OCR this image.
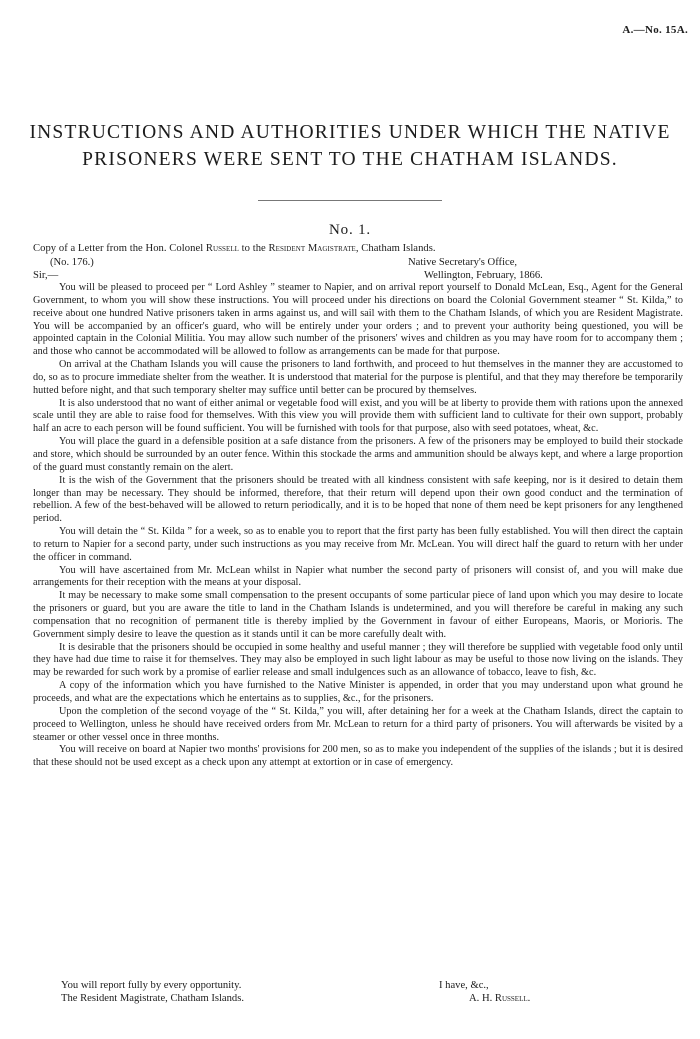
A.—No. 15A.
INSTRUCTIONS AND AUTHORITIES UNDER WHICH THE NATIVE
PRISONERS WERE SENT TO THE CHATHAM ISLANDS.
No. 1.
Copy of a Letter from the Hon. Colonel Russell to the Resident Magistrate, Chatham Islands.
(No. 176.)	Native Secretary's Office,
Sir,—	Wellington, February, 1866.

You will be pleased to proceed per “ Lord Ashley ” steamer to Napier, and on arrival report yourself to Donald McLean, Esq., Agent for the General Government, to whom you will show these instructions. You will proceed under his directions on board the Colonial Government steamer “ St. Kilda,” to receive about one hundred Native prisoners taken in arms against us, and will sail with them to the Chatham Islands, of which you are Resident Magistrate. You will be accompanied by an officer's guard, who will be entirely under your orders ; and to prevent your authority being questioned, you will be appointed captain in the Colonial Militia. You may allow such number of the prisoners' wives and children as you may have room for to accompany them ; and those who cannot be accommodated will be allowed to follow as arrangements can be made for that purpose.

On arrival at the Chatham Islands you will cause the prisoners to land forthwith, and proceed to hut themselves in the manner they are accustomed to do, so as to procure immediate shelter from the weather. It is understood that material for the purpose is plentiful, and that they may therefore be temporarily hutted before night, and that such temporary shelter may suffice until better can be procured by themselves.

It is also understood that no want of either animal or vegetable food will exist, and you will be at liberty to provide them with rations upon the annexed scale until they are able to raise food for themselves. With this view you will provide them with sufficient land to cultivate for their own support, probably half an acre to each person will be found sufficient. You will be furnished with tools for that purpose, also with seed potatoes, wheat, &c.

You will place the guard in a defensible position at a safe distance from the prisoners. A few of the prisoners may be employed to build their stockade and store, which should be surrounded by an outer fence. Within this stockade the arms and ammunition should be always kept, and where a large proportion of the guard must constantly remain on the alert.

It is the wish of the Government that the prisoners should be treated with all kindness consistent with safe keeping, nor is it desired to detain them longer than may be necessary. They should be informed, therefore, that their return will depend upon their own good conduct and the termination of rebellion. A few of the best-behaved will be allowed to return periodically, and it is to be hoped that none of them need be kept prisoners for any lengthened period.

You will detain the “ St. Kilda ” for a week, so as to enable you to report that the first party has been fully established. You will then direct the captain to return to Napier for a second party, under such instructions as you may receive from Mr. McLean. You will direct half the guard to return with her under the officer in command.

You will have ascertained from Mr. McLean whilst in Napier what number the second party of prisoners will consist of, and you will make due arrangements for their reception with the means at your disposal.

It may be necessary to make some small compensation to the present occupants of some particular piece of land upon which you may desire to locate the prisoners or guard, but you are aware the title to land in the Chatham Islands is undetermined, and you will therefore be careful in making any such compensation that no recognition of permanent title is thereby implied by the Government in favour of either Europeans, Maoris, or Morioris. The Government simply desire to leave the question as it stands until it can be more carefully dealt with.

It is desirable that the prisoners should be occupied in some healthy and useful manner ; they will therefore be supplied with vegetable food only until they have had due time to raise it for themselves. They may also be employed in such light labour as may be useful to those now living on the islands. They may be rewarded for such work by a promise of earlier release and small indulgences such as an allowance of tobacco, leave to fish, &c.

A copy of the information which you have furnished to the Native Minister is appended, in order that you may understand upon what ground he proceeds, and what are the expectations which he entertains as to supplies, &c., for the prisoners.

Upon the completion of the second voyage of the “ St. Kilda,” you will, after detaining her for a week at the Chatham Islands, direct the captain to proceed to Wellington, unless he should have received orders from Mr. McLean to return for a third party of prisoners. You will afterwards be visited by a steamer or other vessel once in three months.

You will receive on board at Napier two months' provisions for 200 men, so as to make you independent of the supplies of the islands ; but it is desired that these should not be used except as a check upon any attempt at extortion or in case of emergency.

You will report fully by every opportunity.
The Resident Magistrate, Chatham Islands.
I have, &c.,
A. H. Russell.
